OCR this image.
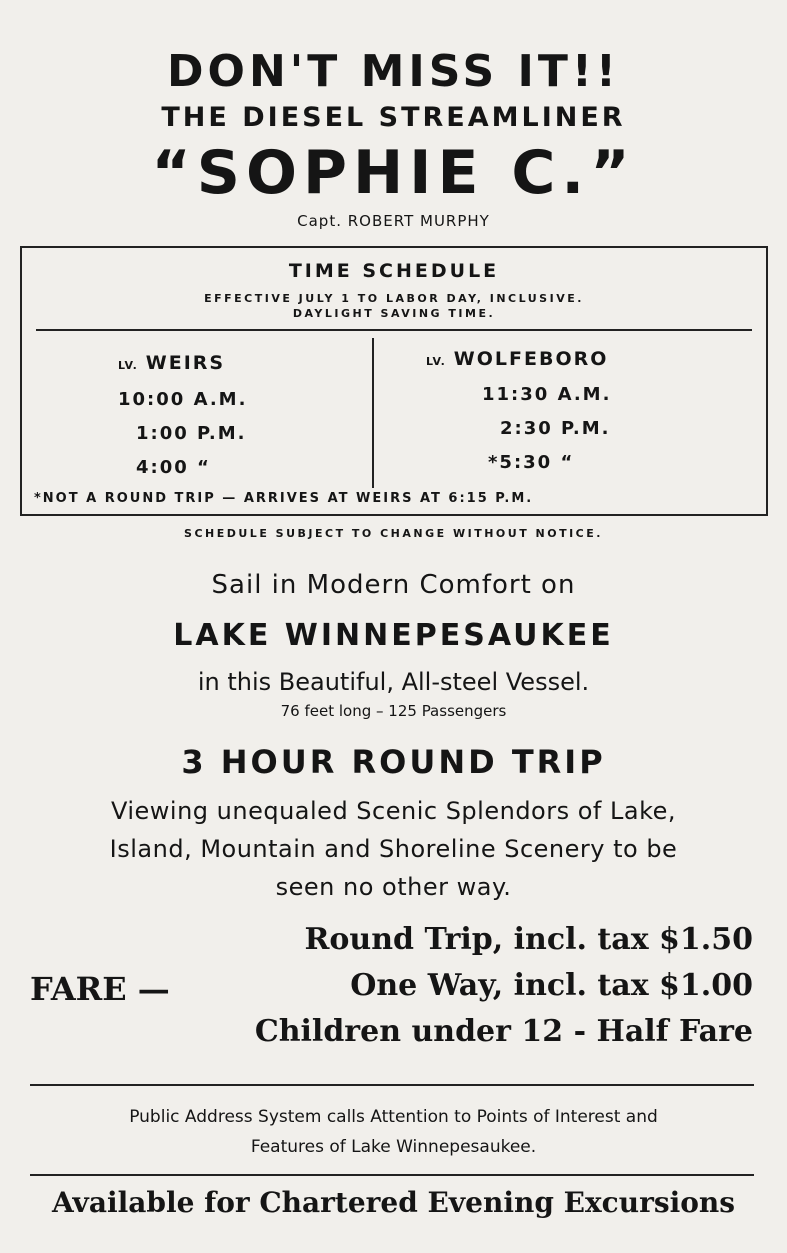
DON'T MISS IT!!
THE DIESEL STREAMLINER
“SOPHIE C.”
Capt. ROBERT MURPHY
TIME SCHEDULE
EFFECTIVE JULY 1 TO LABOR DAY, INCLUSIVE.
DAYLIGHT SAVING TIME.
LV. WEIRS
10:00 A.M.
1:00 P.M.
4:00 “
LV. WOLFEBORO
11:30 A.M.
2:30 P.M.
*5:30 “
*NOT A ROUND TRIP — ARRIVES AT WEIRS AT 6:15 P.M.
SCHEDULE SUBJECT TO CHANGE WITHOUT NOTICE.
Sail in Modern Comfort on
LAKE WINNEPESAUKEE
in this Beautiful, All-steel Vessel.
76 feet long – 125 Passengers
3 HOUR ROUND TRIP
Viewing unequaled Scenic Splendors of Lake,
Island, Mountain and Shoreline Scenery to be
seen no other way.
FARE —
Round Trip, incl. tax $1.50
One Way, incl. tax $1.00
Children under 12 - Half Fare
Public Address System calls Attention to Points of Interest and
Features of Lake Winnepesaukee.
Available for Chartered Evening Excursions
